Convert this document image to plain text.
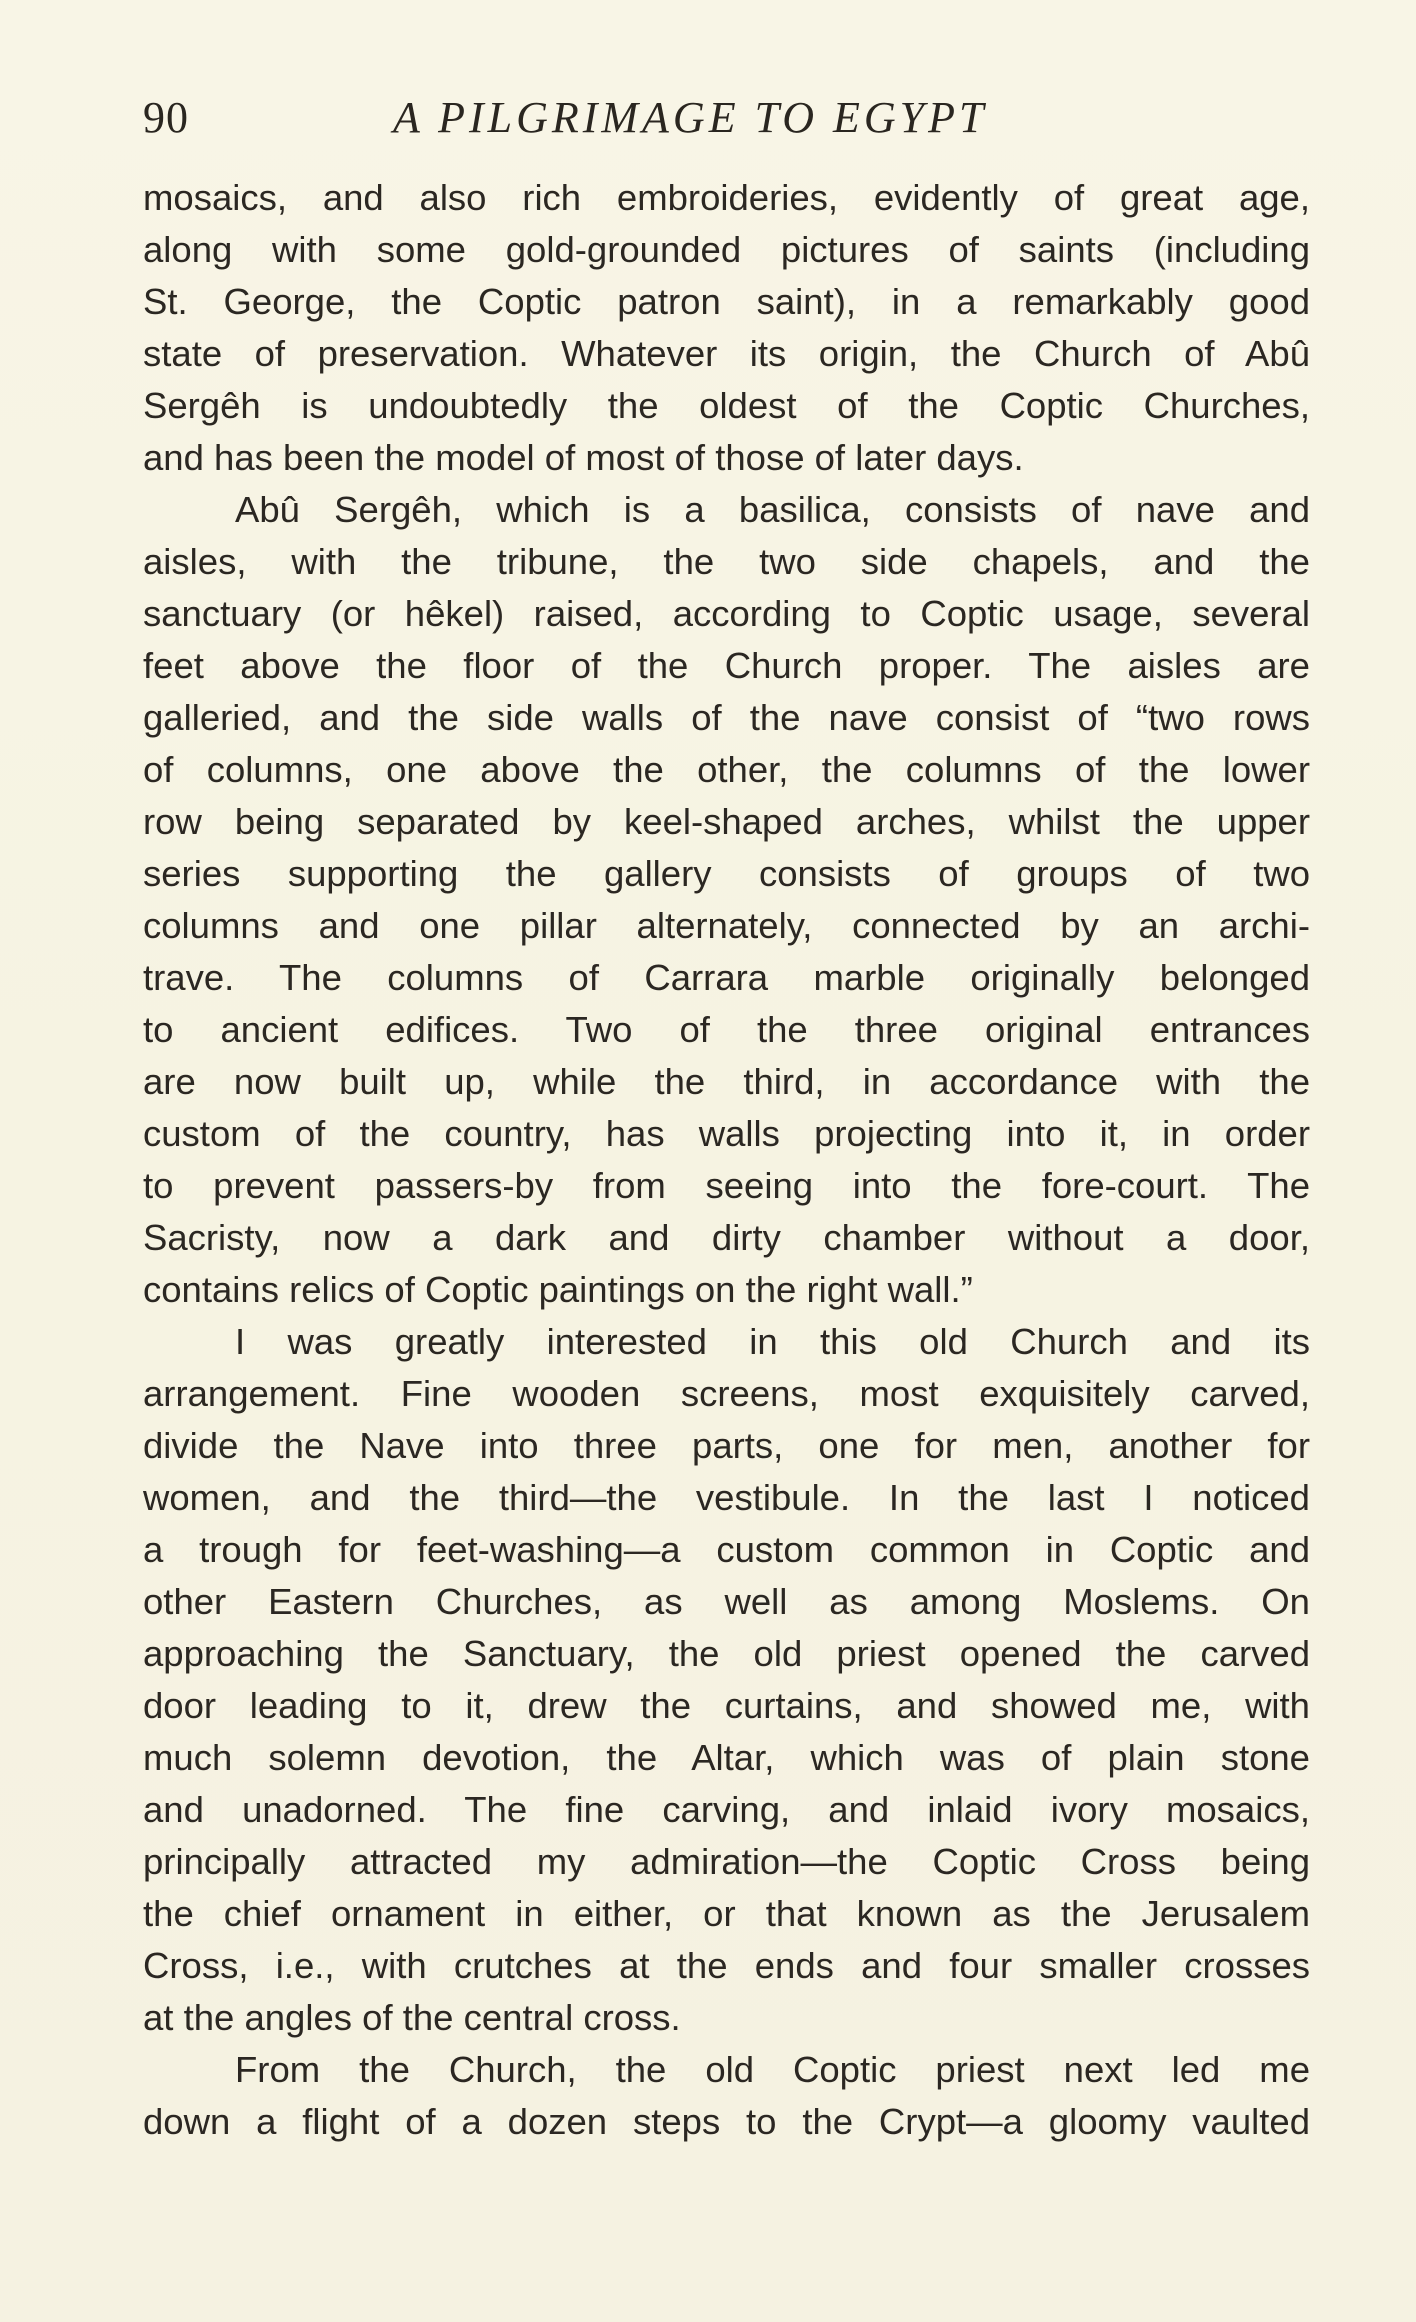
90	A PILGRIMAGE TO EGYPT
mosaics, and also rich embroideries, evidently of great age,
along with some gold-grounded pictures of saints (including
St. George, the Coptic patron saint), in a remarkably good
state of preservation. Whatever its origin, the Church of Abû
Sergêh is undoubtedly the oldest of the Coptic Churches,
and has been the model of most of those of later days.
Abû Sergêh, which is a basilica, consists of nave and
aisles, with the tribune, the two side chapels, and the
sanctuary (or hêkel) raised, according to Coptic usage, several
feet above the floor of the Church proper. The aisles are
galleried, and the side walls of the nave consist of “two rows
of columns, one above the other, the columns of the lower
row being separated by keel-shaped arches, whilst the upper
series supporting the gallery consists of groups of two
columns and one pillar alternately, connected by an archi-
trave. The columns of Carrara marble originally belonged
to ancient edifices. Two of the three original entrances
are now built up, while the third, in accordance with the
custom of the country, has walls projecting into it, in order
to prevent passers-by from seeing into the fore-court. The
Sacristy, now a dark and dirty chamber without a door,
contains relics of Coptic paintings on the right wall.”
I was greatly interested in this old Church and its
arrangement. Fine wooden screens, most exquisitely carved,
divide the Nave into three parts, one for men, another for
women, and the third—the vestibule. In the last I noticed
a trough for feet-washing—a custom common in Coptic and
other Eastern Churches, as well as among Moslems. On
approaching the Sanctuary, the old priest opened the carved
door leading to it, drew the curtains, and showed me, with
much solemn devotion, the Altar, which was of plain stone
and unadorned. The fine carving, and inlaid ivory mosaics,
principally attracted my admiration—the Coptic Cross being
the chief ornament in either, or that known as the Jerusalem
Cross, i.e., with crutches at the ends and four smaller crosses
at the angles of the central cross.
From the Church, the old Coptic priest next led me
down a flight of a dozen steps to the Crypt—a gloomy vaulted
